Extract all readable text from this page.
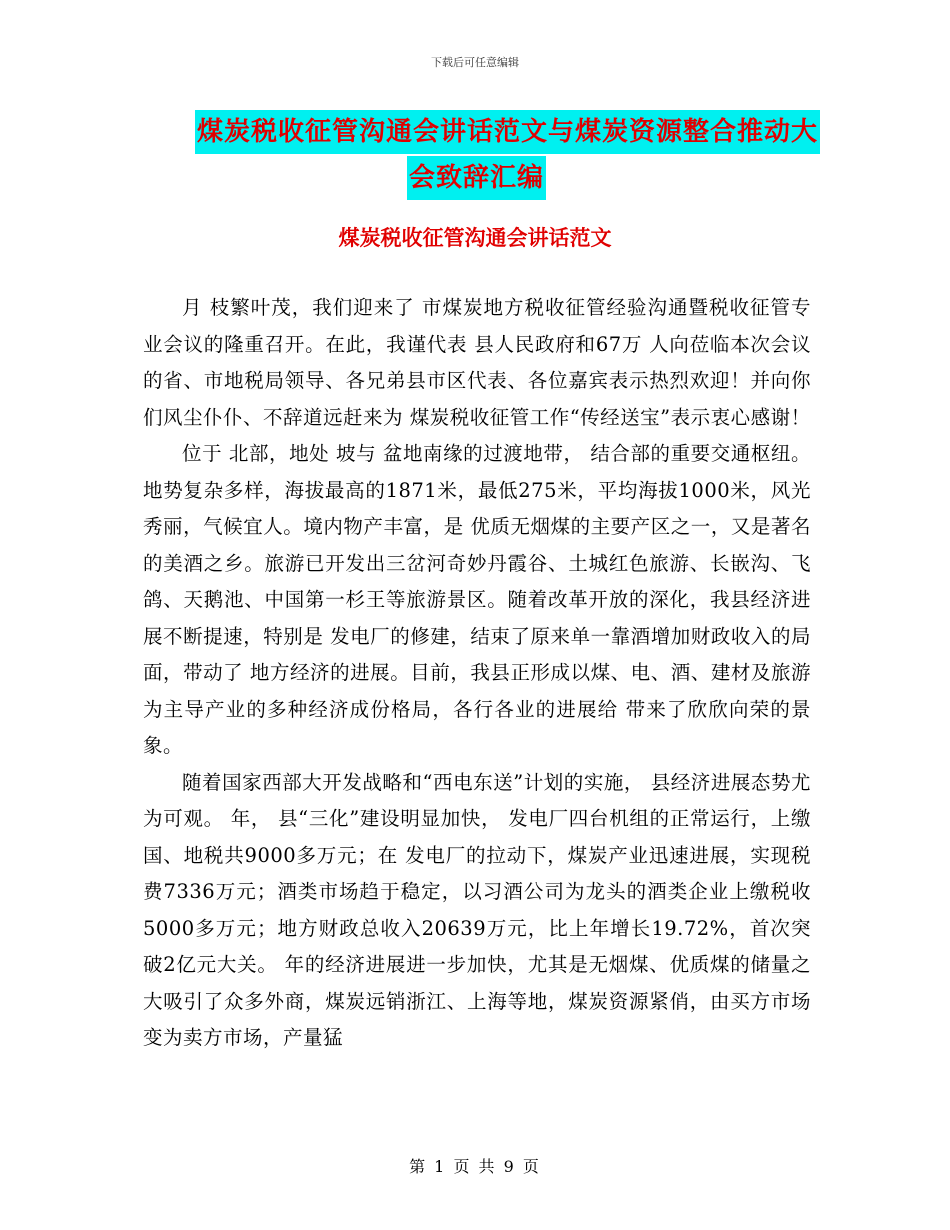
下载后可任意编辑
煤炭税收征管沟通会讲话范文与煤炭资源整合推动大
会致辞汇编
煤炭税收征管沟通会讲话范文

月 枝繁叶茂，我们迎来了 市煤炭地方税收征管经验沟通暨税收征管专业会议的隆重召开。在此，我谨代表 县人民政府和67万 人向莅临本次会议的省、市地税局领导、各兄弟县市区代表、各位嘉宾表示热烈欢迎！并向你们风尘仆仆、不辞道远赶来为 煤炭税收征管工作“传经送宝”表示衷心感谢！

位于 北部，地处 坡与 盆地南缘的过渡地带， 结合部的重要交通枢纽。 地势复杂多样，海拔最高的1871米，最低275米，平均海拔1000米，风光秀丽，气候宜人。境内物产丰富，是 优质无烟煤的主要产区之一，又是著名的美酒之乡。旅游已开发出三岔河奇妙丹霞谷、土城红色旅游、长嵌沟、飞鸽、天鹅池、中国第一杉王等旅游景区。随着改革开放的深化，我县经济进展不断提速，特别是 发电厂的修建，结束了原来单一靠酒增加财政收入的局面，带动了 地方经济的进展。目前，我县正形成以煤、电、酒、建材及旅游为主导产业的多种经济成份格局，各行各业的进展给 带来了欣欣向荣的景象。

随着国家西部大开发战略和“西电东送”计划的实施， 县经济进展态势尤为可观。 年， 县“三化”建设明显加快， 发电厂四台机组的正常运行，上缴国、地税共9000多万元；在 发电厂的拉动下，煤炭产业迅速进展，实现税费7336万元；酒类市场趋于稳定，以习酒公司为龙头的酒类企业上缴税收5000多万元；地方财政总收入20639万元，比上年增长19.72%，首次突破2亿元大关。 年的经济进展进一步加快，尤其是无烟煤、优质煤的储量之大吸引了众多外商，煤炭远销浙江、上海等地，煤炭资源紧俏，由买方市场变为卖方市场，产量猛

第 1 页 共 9 页
